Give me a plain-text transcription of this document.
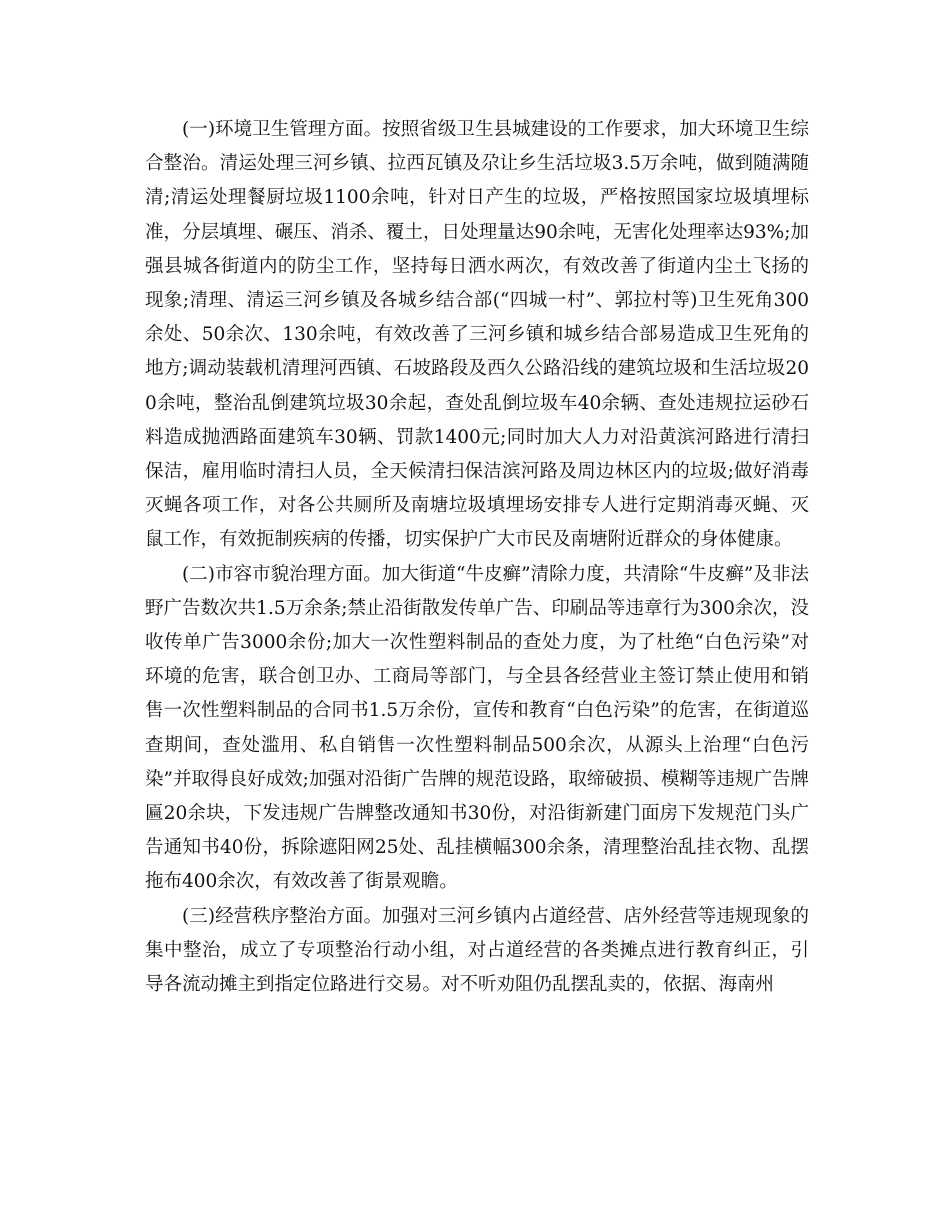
(一)环境卫生管理方面。按照省级卫生县城建设的工作要求，加大环境卫生综合整治。清运处理三河乡镇、拉西瓦镇及尕让乡生活垃圾3.5万余吨，做到随满随清;清运处理餐厨垃圾1100余吨，针对日产生的垃圾，严格按照国家垃圾填埋标准，分层填埋、碾压、消杀、覆土，日处理量达90余吨，无害化处理率达93%;加强县城各街道内的防尘工作，坚持每日洒水两次，有效改善了街道内尘土飞扬的现象;清理、清运三河乡镇及各城乡结合部(“四城一村”、郭拉村等)卫生死角300余处、50余次、130余吨，有效改善了三河乡镇和城乡结合部易造成卫生死角的地方;调动装载机清理河西镇、石坡路段及西久公路沿线的建筑垃圾和生活垃圾200余吨，整治乱倒建筑垃圾30余起，查处乱倒垃圾车40余辆、查处违规拉运砂石料造成抛洒路面建筑车30辆、罚款1400元;同时加大人力对沿黄滨河路进行清扫保洁，雇用临时清扫人员，全天候清扫保洁滨河路及周边林区内的垃圾;做好消毒灭蝇各项工作，对各公共厕所及南塘垃圾填埋场安排专人进行定期消毒灭蝇、灭鼠工作，有效扼制疾病的传播，切实保护广大市民及南塘附近群众的身体健康。

(二)市容市貌治理方面。加大街道“牛皮癣”清除力度，共清除“牛皮癣”及非法野广告数次共1.5万余条;禁止沿街散发传单广告、印刷品等违章行为300余次，没收传单广告3000余份;加大一次性塑料制品的查处力度，为了杜绝“白色污染”对环境的危害，联合创卫办、工商局等部门，与全县各经营业主签订禁止使用和销售一次性塑料制品的合同书1.5万余份，宣传和教育“白色污染”的危害，在街道巡查期间，查处滥用、私自销售一次性塑料制品500余次，从源头上治理“白色污染”并取得良好成效;加强对沿街广告牌的规范设路，取缔破损、模糊等违规广告牌匾20余块，下发违规广告牌整改通知书30份，对沿街新建门面房下发规范门头广告通知书40份，拆除遮阳网25处、乱挂横幅300余条，清理整治乱挂衣物、乱摆拖布400余次，有效改善了街景观瞻。

(三)经营秩序整治方面。加强对三河乡镇内占道经营、店外经营等违规现象的集中整治，成立了专项整治行动小组，对占道经营的各类摊点进行教育纠正，引导各流动摊主到指定位路进行交易。对不听劝阻仍乱摆乱卖的，依据、海南州
